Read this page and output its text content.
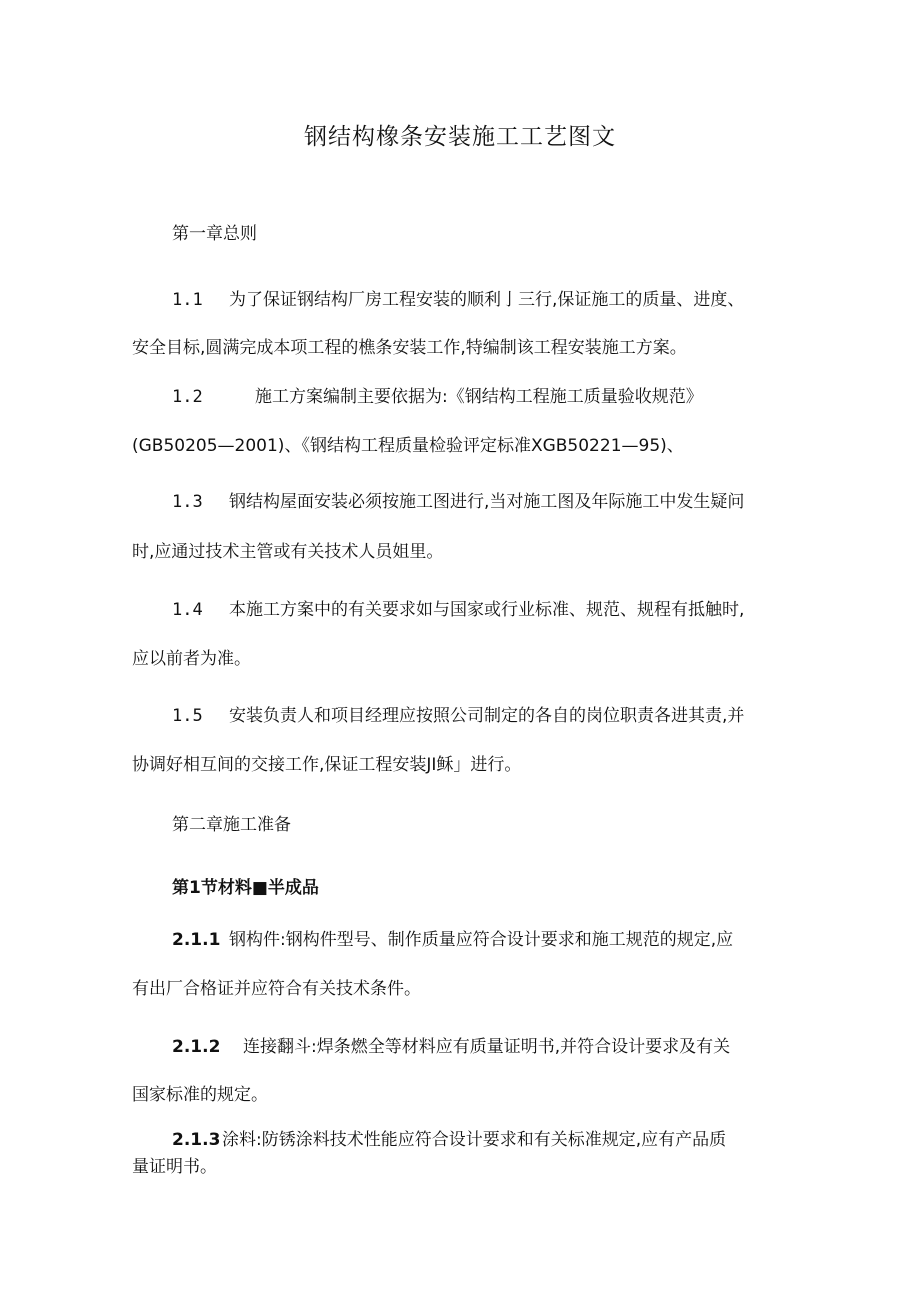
钢结构橡条安装施工工艺图文

第一章总则

1.1 为了保证钢结构厂房工程安装的顺利亅三行,保证施工的质量、进度、

安全目标,圆满完成本项工程的樵条安装工作,特编制该工程安装施工方案。

1.2	施工方案编制主要依据为:《钢结构工程施工质量验收规范》

(GB50205—2001)、《钢结构工程质量检验评定标准XGB50221—95)、

1.3 钢结构屋面安装必须按施工图进行,当对施工图及年际施工中发生疑问

时,应通过技术主管或有关技术人员姐里。

1.4 本施工方案中的有关要求如与国家或行业标准、规范、规程有抵触时,

应以前者为准。

1.5 安装负责人和项目经理应按照公司制定的各自的岗位职责各进其责,并

协调好相互间的交接工作,保证工程安装JI稣」进行。

第二章施工准备

第1节材料■半成品

2.1.1 钢构件:钢构件型号、制作质量应符合设计要求和施工规范的规定,应

有出厂合格证并应符合有关技术条件。

2.1.2 连接翻斗:焊条燃全等材料应有质量证明书,并符合设计要求及有关

国家标准的规定。

2.1.3 涂料:防锈涂料技术性能应符合设计要求和有关标准规定,应有产品质

量证明书。
